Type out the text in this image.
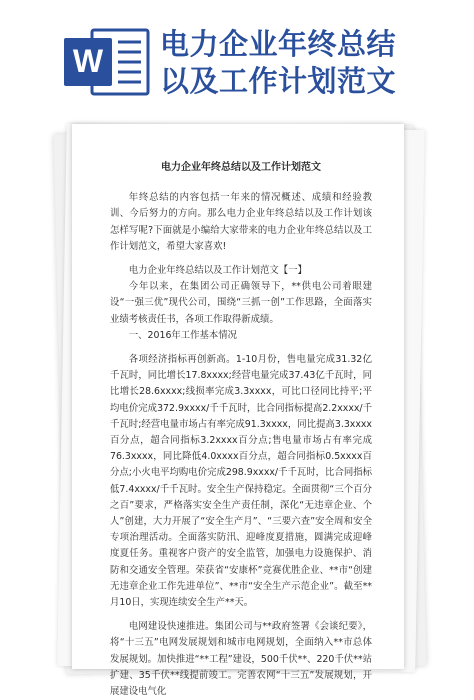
W 电力企业年终总结
以及工作计划范文
电力企业年终总结以及工作计划范文

年终总结的内容包括一年来的情况概述、成绩和经验教训、今后努力的方向。那么电力企业年终总结以及工作计划该怎样写呢?下面就是小编给大家带来的电力企业年终总结以及工作计划范文，希望大家喜欢!

电力企业年终总结以及工作计划范文【一】

今年以来，在集团公司正确领导下，**供电公司着眼建设“一强三优”现代公司，围绕“三抓一创”工作思路，全面落实业绩考核责任书，各项工作取得新成绩。

一、2016年工作基本情况

各项经济指标再创新高。1-10月份，售电量完成31.32亿千瓦时，同比增长17.8xxxx;经营电量完成37.43亿千瓦时，同比增长28.6xxxx;线损率完成3.3xxxx，可比口径同比持平;平均电价完成372.9xxxx/千千瓦时，比合同指标提高2.2xxxx/千千瓦时;经营电量市场占有率完成91.3xxxx，同比提高3.3xxxx百分点，超合同指标3.2xxxx百分点;售电量市场占有率完成76.3xxxx，同比降低4.0xxxx百分点，超合同指标0.5xxxx百分点;小火电平均购电价完成298.9xxxx/千千瓦时，比合同指标低7.4xxxx/千千瓦时。安全生产保持稳定。全面贯彻“三个百分之百”要求，严格落实安全生产责任制，深化“无违章企业、个人”创建，大力开展了“安全生产月”、“三要六查”安全周和安全专项治理活动。全面落实防汛、迎峰度夏措施，圆满完成迎峰度夏任务。重视客户资产的安全监管，加强电力设施保护、消防和交通安全管理。荣获省“安康杯”竞赛优胜企业、**市“创建无违章企业工作先进单位”、**市“安全生产示范企业”。截至**月10日，实现连续安全生产**天。

电网建设快速推进。集团公司与**政府签署《会谈纪要》，将“十三五”电网发展规划和城市电网规划，全面纳入**市总体发展规划。加快推进“**工程”建设，500千伏**、220千伏**站扩建、35千伏**线提前竣工。完善农网“十三五”发展规划，开展建设电气化
